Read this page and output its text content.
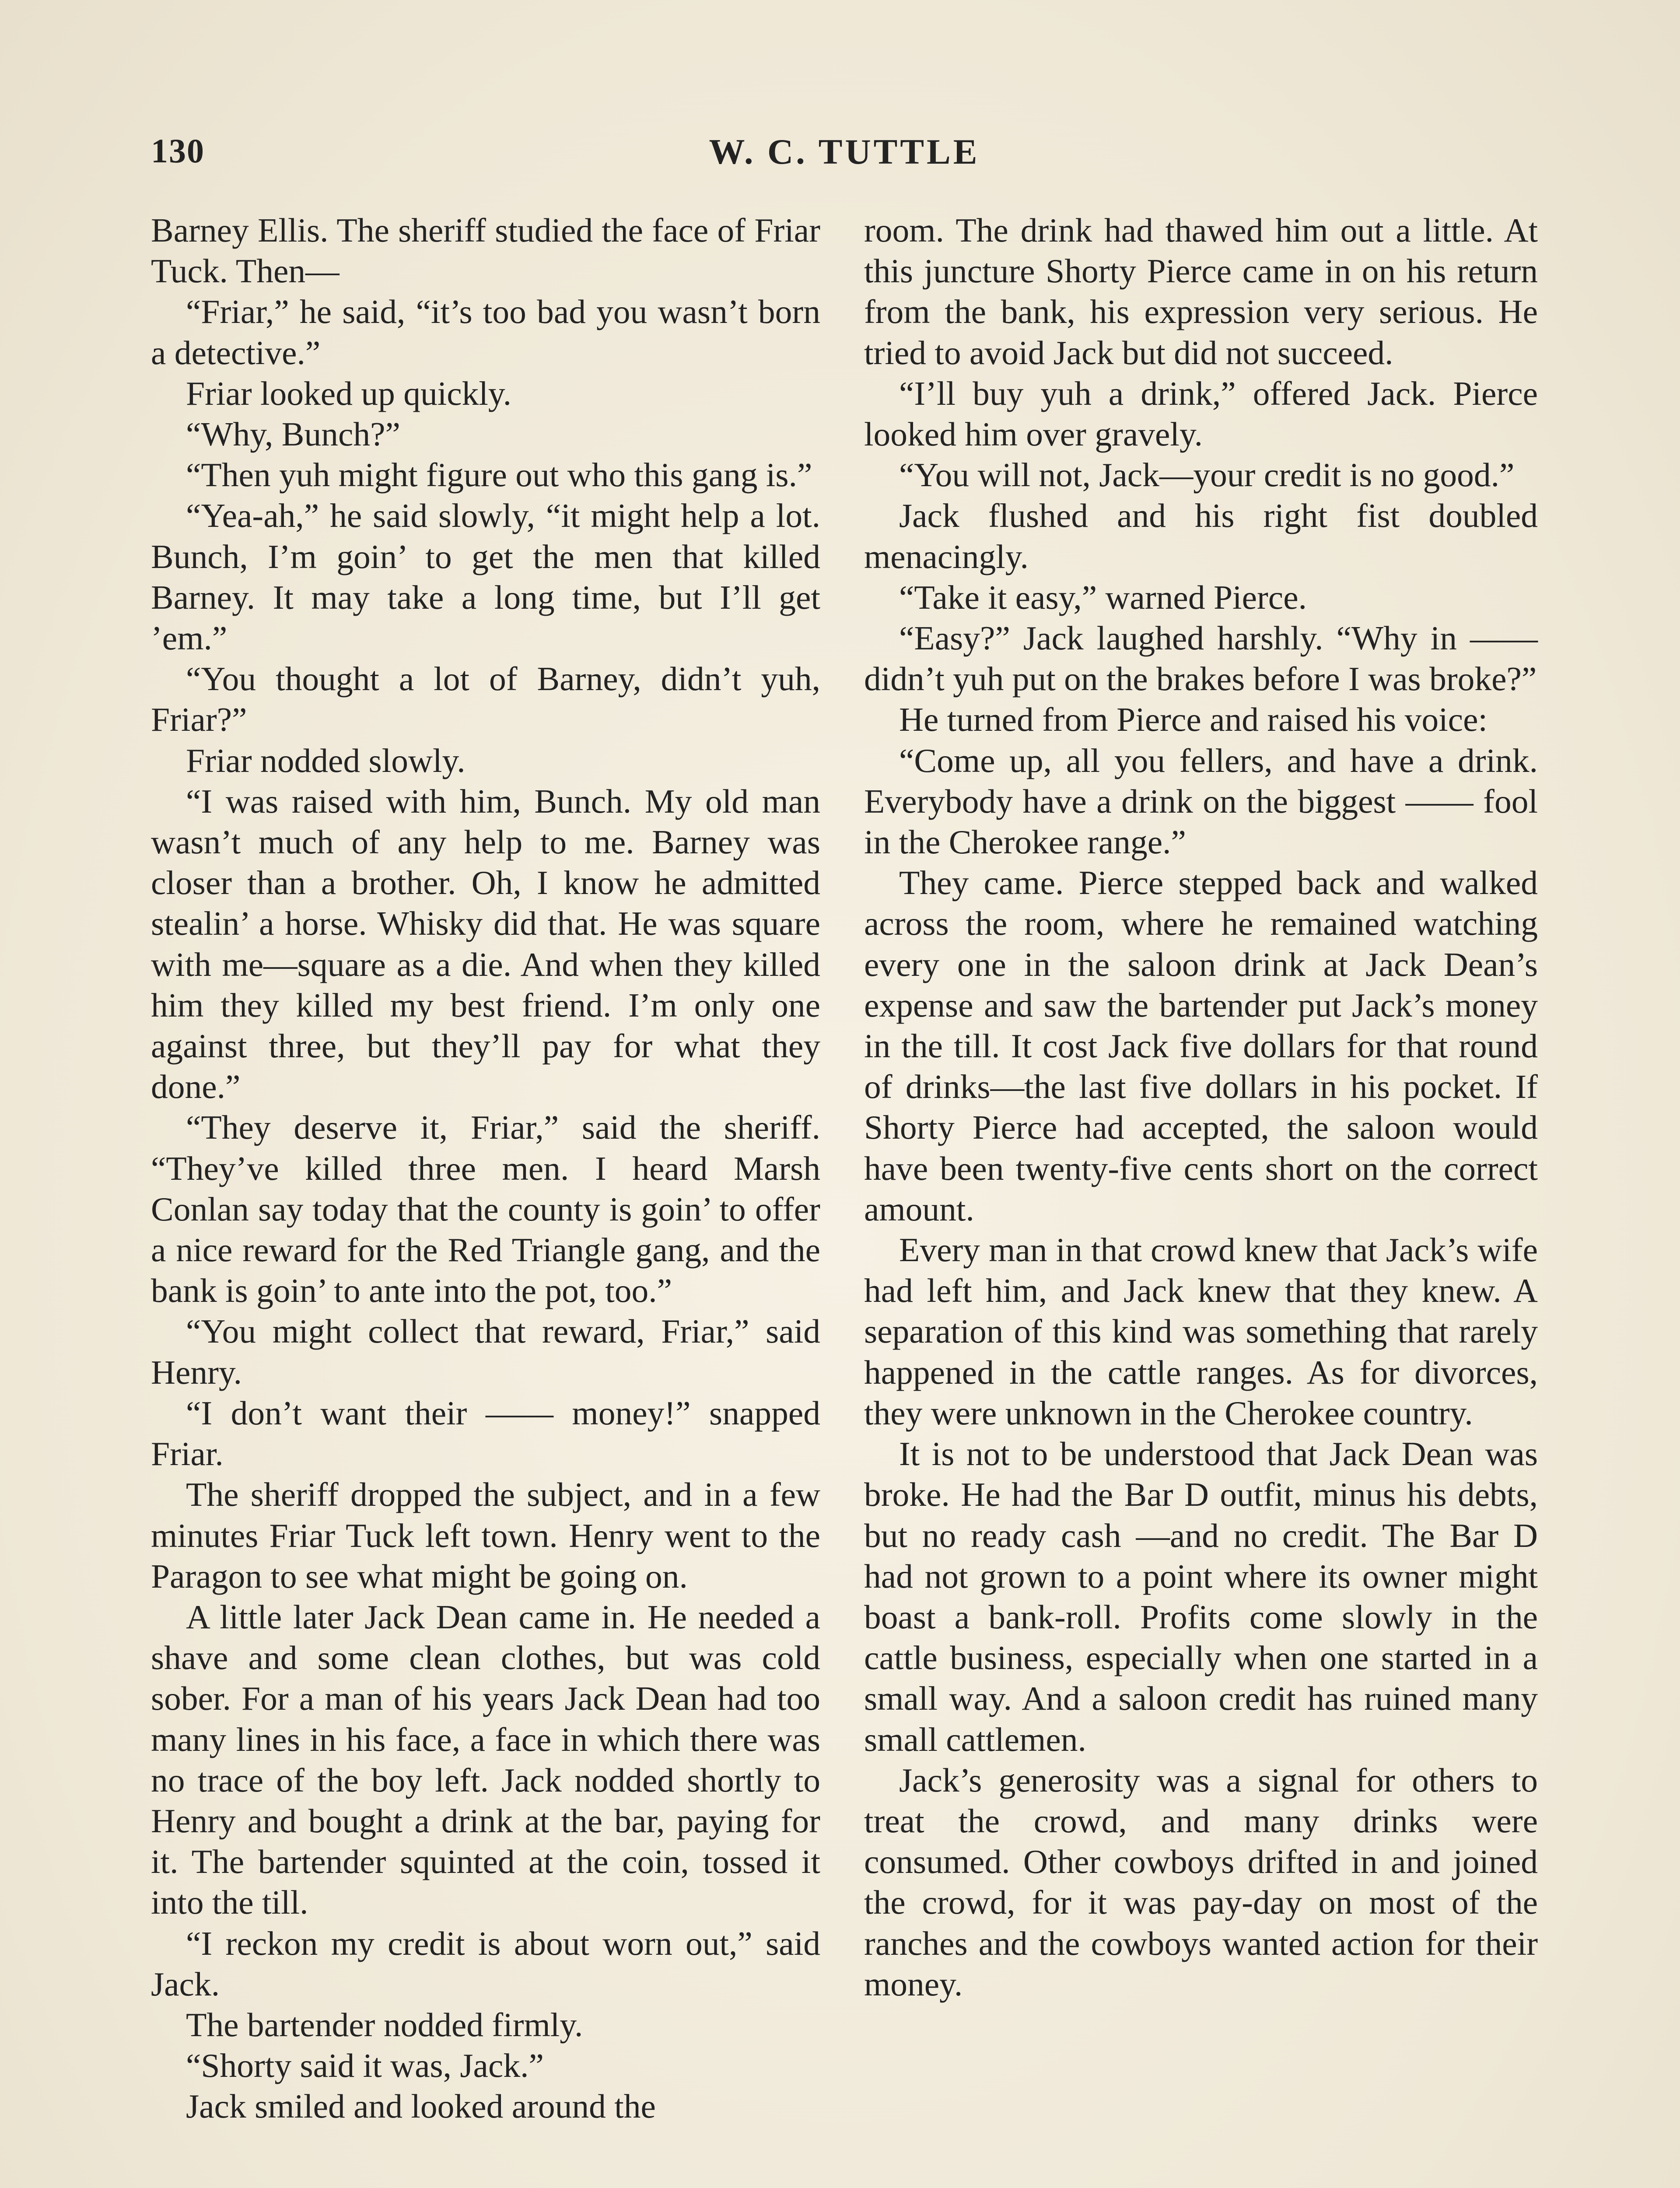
130	W. C. TUTTLE

Barney Ellis. The sheriff studied the face of Friar Tuck. Then—

“Friar,” he said, “it’s too bad you wasn’t born a detective.”

Friar looked up quickly.

“Why, Bunch?”

“Then yuh might figure out who this gang is.”

“Yea-ah,” he said slowly, “it might help a lot. Bunch, I’m goin’ to get the men that killed Barney. It may take a long time, but I’ll get ’em.”

“You thought a lot of Barney, didn’t yuh, Friar?”

Friar nodded slowly.

“I was raised with him, Bunch. My old man wasn’t much of any help to me. Barney was closer than a brother. Oh, I know he admitted stealin’ a horse. Whisky did that. He was square with me—square as a die. And when they killed him they killed my best friend. I’m only one against three, but they’ll pay for what they done.”

“They deserve it, Friar,” said the sheriff. “They’ve killed three men. I heard Marsh Conlan say today that the county is goin’ to offer a nice reward for the Red Triangle gang, and the bank is goin’ to ante into the pot, too.”

“You might collect that reward, Friar,” said Henry.

“I don’t want their —— money!” snapped Friar.

The sheriff dropped the subject, and in a few minutes Friar Tuck left town. Henry went to the Paragon to see what might be going on.

A little later Jack Dean came in. He needed a shave and some clean clothes, but was cold sober. For a man of his years Jack Dean had too many lines in his face, a face in which there was no trace of the boy left. Jack nodded shortly to Henry and bought a drink at the bar, paying for it. The bartender squinted at the coin, tossed it into the till.

“I reckon my credit is about worn out,” said Jack.

The bartender nodded firmly.

“Shorty said it was, Jack.”

Jack smiled and looked around the

room. The drink had thawed him out a little. At this juncture Shorty Pierce came in on his return from the bank, his expression very serious. He tried to avoid Jack but did not succeed.

“I’ll buy yuh a drink,” offered Jack. Pierce looked him over gravely.

“You will not, Jack—your credit is no good.”

Jack flushed and his right fist doubled menacingly.

“Take it easy,” warned Pierce.

“Easy?” Jack laughed harshly. “Why in —— didn’t yuh put on the brakes before I was broke?”

He turned from Pierce and raised his voice:

“Come up, all you fellers, and have a drink. Everybody have a drink on the biggest —— fool in the Cherokee range.”

They came. Pierce stepped back and walked across the room, where he remained watching every one in the saloon drink at Jack Dean’s expense and saw the bartender put Jack’s money in the till. It cost Jack five dollars for that round of drinks—the last five dollars in his pocket. If Shorty Pierce had accepted, the saloon would have been twenty-five cents short on the correct amount.

Every man in that crowd knew that Jack’s wife had left him, and Jack knew that they knew. A separation of this kind was something that rarely happened in the cattle ranges. As for divorces, they were unknown in the Cherokee country.

It is not to be understood that Jack Dean was broke. He had the Bar D outfit, minus his debts, but no ready cash —and no credit. The Bar D had not grown to a point where its owner might boast a bank-roll. Profits come slowly in the cattle business, especially when one started in a small way. And a saloon credit has ruined many small cattlemen.

Jack’s generosity was a signal for others to treat the crowd, and many drinks were consumed. Other cowboys drifted in and joined the crowd, for it was pay-day on most of the ranches and the cowboys wanted action for their money.
